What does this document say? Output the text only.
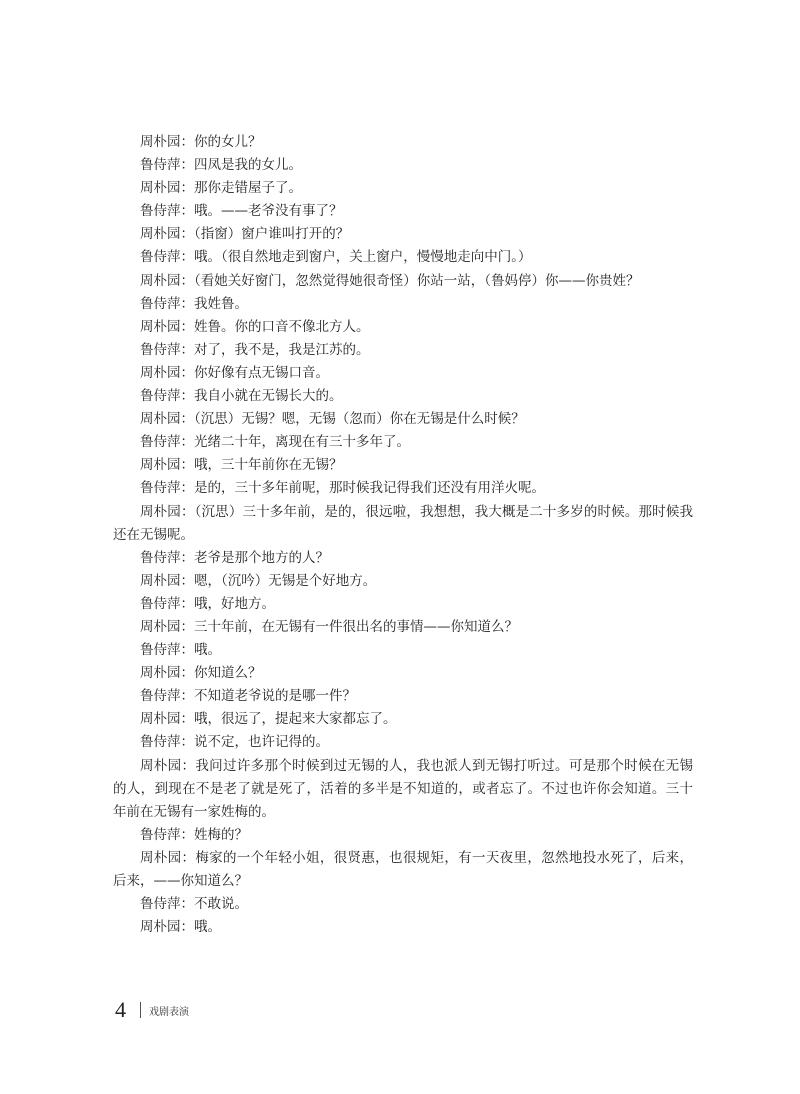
周朴园：你的女儿？

鲁侍萍：四凤是我的女儿。

周朴园：那你走错屋子了。

鲁侍萍：哦。——老爷没有事了？

周朴园：（指窗）窗户谁叫打开的？

鲁侍萍：哦。（很自然地走到窗户，关上窗户，慢慢地走向中门。）

周朴园：（看她关好窗门，忽然觉得她很奇怪）你站一站，（鲁妈停）你——你贵姓？

鲁侍萍：我姓鲁。

周朴园：姓鲁。你的口音不像北方人。

鲁侍萍：对了，我不是，我是江苏的。

周朴园：你好像有点无锡口音。

鲁侍萍：我自小就在无锡长大的。

周朴园：（沉思）无锡？嗯，无锡（忽而）你在无锡是什么时候？

鲁侍萍：光绪二十年，离现在有三十多年了。

周朴园：哦，三十年前你在无锡？

鲁侍萍：是的，三十多年前呢，那时候我记得我们还没有用洋火呢。

周朴园：（沉思）三十多年前，是的，很远啦，我想想，我大概是二十多岁的时候。那时候我还在无锡呢。

鲁侍萍：老爷是那个地方的人？

周朴园：嗯，（沉吟）无锡是个好地方。

鲁侍萍：哦，好地方。

周朴园：三十年前，在无锡有一件很出名的事情——你知道么？

鲁侍萍：哦。

周朴园：你知道么？

鲁侍萍：不知道老爷说的是哪一件？

周朴园：哦，很远了，提起来大家都忘了。

鲁侍萍：说不定，也许记得的。

周朴园：我问过许多那个时候到过无锡的人，我也派人到无锡打听过。可是那个时候在无锡的人，到现在不是老了就是死了，活着的多半是不知道的，或者忘了。不过也许你会知道。三十年前在无锡有一家姓梅的。

鲁侍萍：姓梅的？

周朴园：梅家的一个年轻小姐，很贤惠，也很规矩，有一天夜里，忽然地投水死了，后来，后来，——你知道么？

鲁侍萍：不敢说。

周朴园：哦。

4 戏剧表演
